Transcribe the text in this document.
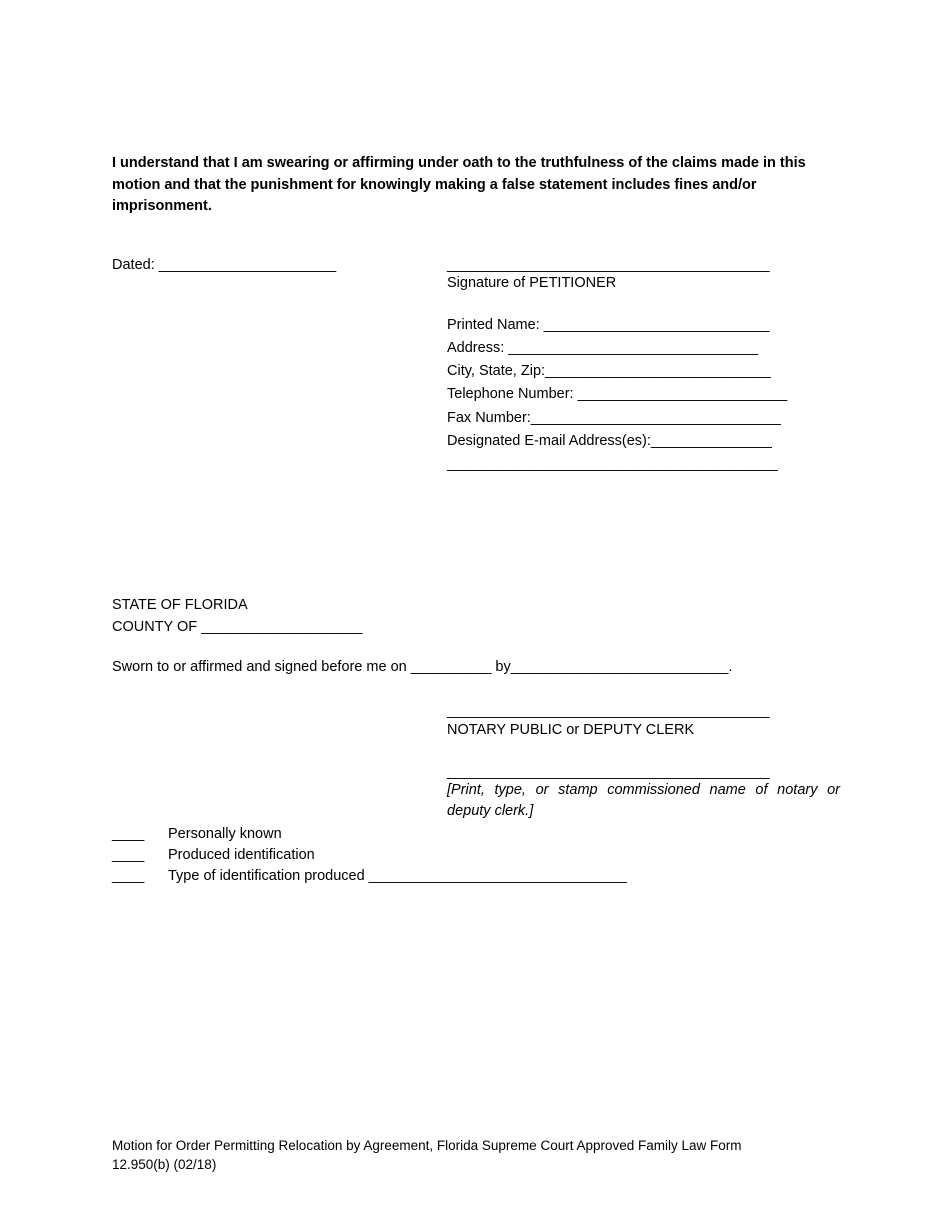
I understand that I am swearing or affirming under oath to the truthfulness of the claims made in this motion and that the punishment for knowingly making a false statement includes fines and/or imprisonment.
Dated: ______________________	________________________________________
Signature of PETITIONER
Printed Name: ____________________________
Address: _______________________________
City, State, Zip:____________________________
Telephone Number: __________________________
Fax Number:_______________________________
Designated E-mail Address(es):_______________
_________________________________________
STATE OF FLORIDA
COUNTY OF ____________________
Sworn to or affirmed and signed before me on __________ by___________________________.
________________________________________
NOTARY PUBLIC or DEPUTY CLERK
________________________________________
[Print, type, or stamp commissioned name of notary or deputy clerk.]
____ Personally known
____ Produced identification
____ Type of identification produced ________________________________
Motion for Order Permitting Relocation by Agreement, Florida Supreme Court Approved Family Law Form
12.950(b) (02/18)
